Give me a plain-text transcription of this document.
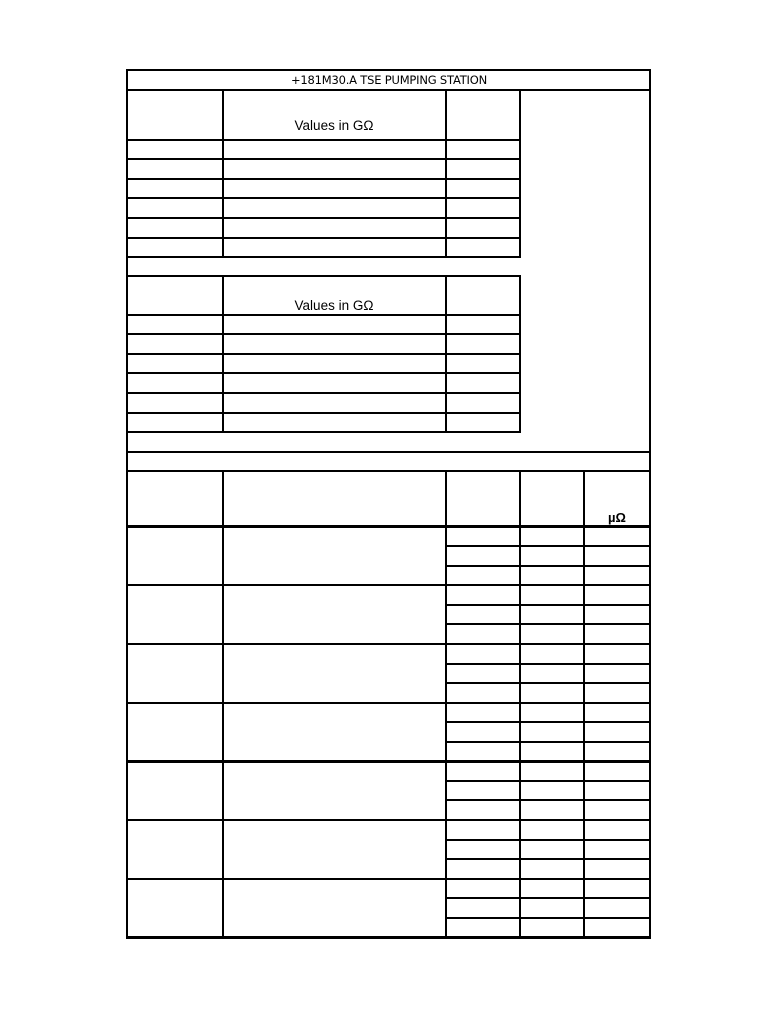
+181M30.A TSE PUMPING STATION
Values in GΩ
Values in GΩ
µΩ
